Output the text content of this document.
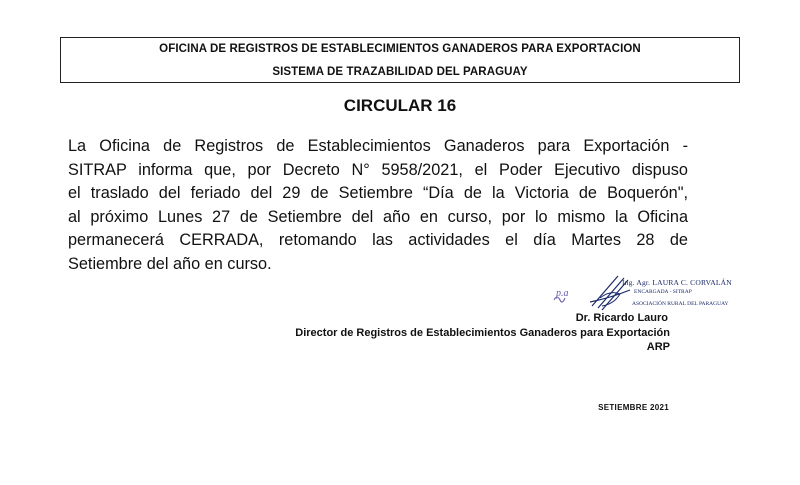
OFICINA DE REGISTROS DE ESTABLECIMIENTOS GANADEROS PARA EXPORTACION
SISTEMA DE TRAZABILIDAD DEL PARAGUAY
CIRCULAR 16
La Oficina de Registros de Establecimientos Ganaderos para Exportación -
SITRAP informa que, por Decreto N° 5958/2021, el Poder Ejecutivo dispuso
el traslado del feriado del 29 de Setiembre “Día de la Victoria de Boquerón",
al próximo Lunes 27 de Setiembre del año en curso, por lo mismo la Oficina
permanecerá CERRADA, retomando las actividades el día Martes 28 de
Setiembre del año en curso.
Ing. Agr. LAURA C. CORVALÁN
ENCARGADA - SITRAP
ASOCIACIÓN RURAL DEL PARAGUAY
p.a
Dr. Ricardo Lauro
Director de Registros de Establecimientos Ganaderos para Exportación
ARP
SETIEMBRE 2021
